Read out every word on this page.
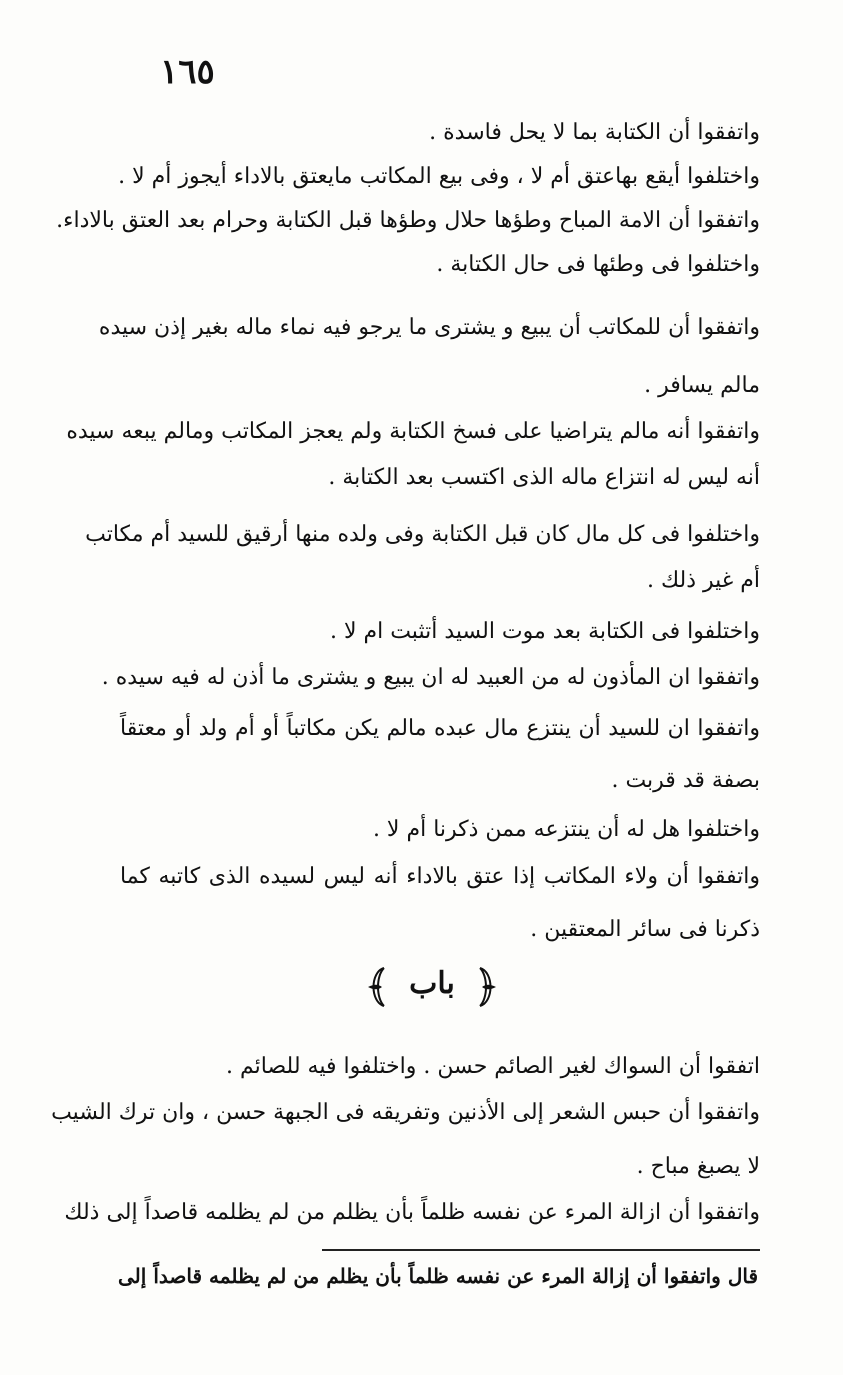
١٦٥
واتفقوا أن الكتابة بما لا يحل فاسدة .
واختلفوا أيقع بهاعتق أم لا ، وفى بيع المكاتب مايعتق بالاداء أيجوز أم لا .
واتفقوا أن الامة المباح وطؤها حلال وطؤها قبل الكتابة وحرام بعد العتق بالاداء.
واختلفوا فى وطئها فى حال الكتابة .
واتفقوا أن للمكاتب أن يبيع و يشترى ما يرجو فيه نماء ماله بغير إذن سيده
مالم يسافر .
واتفقوا أنه مالم يتراضيا على فسخ الكتابة ولم يعجز المكاتب ومالم يبعه سيده
أنه ليس له انتزاع ماله الذى اكتسب بعد الكتابة .
واختلفوا فى كل مال كان قبل الكتابة وفى ولده منها أرقيق للسيد أم مكاتب
أم غير ذلك .
واختلفوا فى الكتابة بعد موت السيد أتثبت ام لا .
واتفقوا ان المأذون له من العبيد له ان يبيع و يشترى ما أذن له فيه سيده .
واتفقوا ان للسيد أن ينتزع مال عبده مالم يكن مكاتباً أو أم ولد أو معتقاً
بصفة قد قربت .
واختلفوا هل له أن ينتزعه ممن ذكرنا أم لا .
واتفقوا أن ولاء المكاتب إذا عتق بالاداء أنه ليس لسيده الذى كاتبه كما
ذكرنا فى سائر المعتقين .
باب
اتفقوا أن السواك لغير الصائم حسن . واختلفوا فيه للصائم .
واتفقوا أن حبس الشعر إلى الأذنين وتفريقه فى الجبهة حسن ، وان ترك الشيب
لا يصبغ مباح .
واتفقوا أن ازالة المرء عن نفسه ظلماً بأن يظلم من لم يظلمه قاصداً إلى ذلك
قال واتفقوا أن إزالة المرء عن نفسه ظلماً بأن يظلم من لم يظلمه قاصداً إلى
